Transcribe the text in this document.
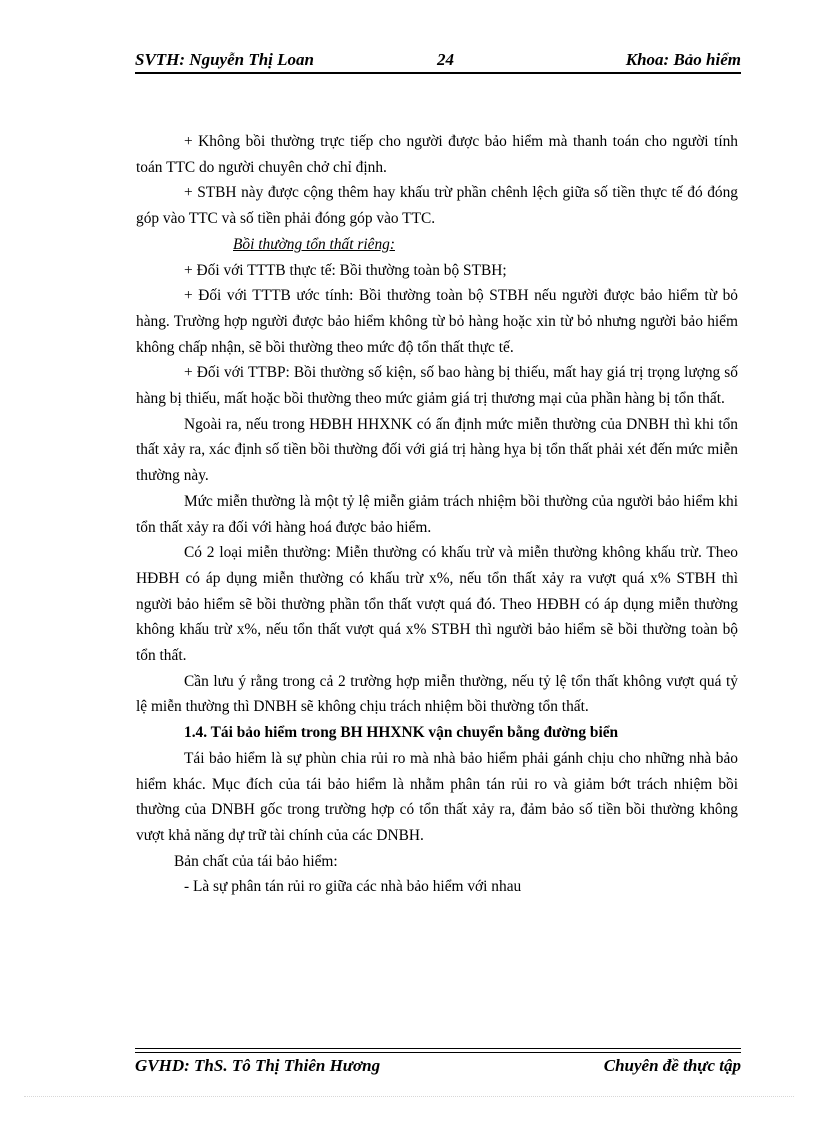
SVTH: Nguyễn Thị Loan	24	Khoa: Bảo hiểm

+ Không bồi thường trực tiếp cho người được bảo hiểm mà thanh toán cho người tính toán TTC do người chuyên chở chỉ định.

+ STBH này được cộng thêm hay khấu trừ phần chênh lệch giữa số tiền thực tế đó đóng góp vào TTC và số tiền phải đóng góp vào TTC.

Bồi thường tổn thất riêng:

+ Đối với TTTB thực tế: Bồi thường toàn bộ STBH;

+ Đối với TTTB ước tính: Bồi thường toàn bộ STBH nếu người được bảo hiểm từ bỏ hàng. Trường hợp người được bảo hiểm không từ bỏ hàng hoặc xin từ bỏ nhưng người bảo hiểm không chấp nhận, sẽ bồi thường theo mức độ tổn thất thực tế.

+ Đối với TTBP: Bồi thường số kiện, số bao hàng bị thiếu, mất hay giá trị trọng lượng số hàng bị thiếu, mất hoặc bồi thường theo mức giảm giá trị thương mại của phần hàng bị tổn thất.

Ngoài ra, nếu trong HĐBH HHXNK có ấn định mức miễn thường của DNBH thì khi tổn thất xảy ra, xác định số tiền bồi thường đối với giá trị hàng hỵa bị tổn thất phải xét đến mức miễn thường này.

Mức miễn thường là một tỷ lệ miễn giảm trách nhiệm bồi thường của người bảo hiểm khi tổn thất xảy ra đối với hàng hoá được bảo hiểm.

Có 2 loại miễn thường: Miễn thường có khấu trừ và miễn thường không khấu trừ. Theo HĐBH có áp dụng miễn thường có khấu trừ x%, nếu tổn thất xảy ra vượt quá x% STBH thì người bảo hiểm sẽ bồi thường phần tổn thất vượt quá đó. Theo HĐBH có áp dụng miễn thường không khấu trừ x%, nếu tổn thất vượt quá x% STBH thì người bảo hiểm sẽ bồi thường toàn bộ tổn thất.

Cần lưu ý rằng trong cả 2 trường hợp miễn thường, nếu tỷ lệ tổn thất không vượt quá tỷ lệ miễn thường thì DNBH sẽ không chịu trách nhiệm bồi thường tổn thất.

1.4. Tái bảo hiểm trong BH HHXNK vận chuyển bằng đường biển

Tái bảo hiểm là sự phùn chia rủi ro mà nhà bảo hiểm phải gánh chịu cho những nhà bảo hiểm khác. Mục đích của tái bảo hiểm là nhằm phân tán rủi ro và giảm bớt trách nhiệm bồi thường của DNBH gốc trong trường hợp có tổn thất xảy ra, đảm bảo số tiền bồi thường không vượt khả năng dự trữ tài chính của các DNBH.

Bản chất của tái bảo hiểm:

- Là sự phân tán rủi ro giữa các nhà bảo hiểm với nhau

GVHD: ThS. Tô Thị Thiên Hương	Chuyên đề thực tập
